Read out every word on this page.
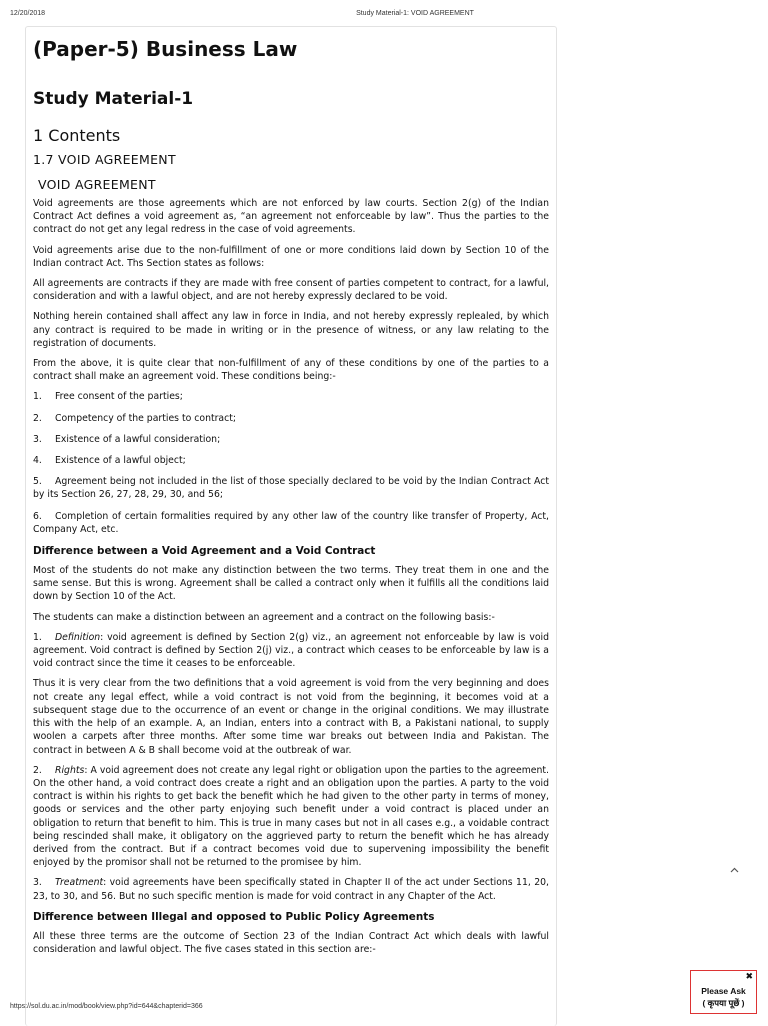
12/20/2018	Study Material-1: VOID AGREEMENT
(Paper-5) Business Law
Study Material-1
1 Contents
1.7 VOID AGREEMENT
VOID AGREEMENT

Void agreements are those agreements which are not enforced by law courts. Section 2(g) of the Indian Contract Act defines a void agreement as, “an agreement not enforceable by law”. Thus the parties to the contract do not get any legal redress in the case of void agreements.

Void agreements arise due to the non-fulfillment of one or more conditions laid down by Section 10 of the Indian contract Act. Ths Section states as follows:

All agreements are contracts if they are made with free consent of parties competent to contract, for a lawful, consideration and with a lawful object, and are not hereby expressly declared to be void.

Nothing herein contained shall affect any law in force in India, and not hereby expressly replealed, by which any contract is required to be made in writing or in the presence of witness, or any law relating to the registration of documents.

From the above, it is quite clear that non-fulfillment of any of these conditions by one of the parties to a contract shall make an agreement void. These conditions being:-

1. Free consent of the parties;

2. Competency of the parties to contract;

3. Existence of a lawful consideration;

4. Existence of a lawful object;

5. Agreement being not included in the list of those specially declared to be void by the Indian Contract Act by its Section 26, 27, 28, 29, 30, and 56;

6. Completion of certain formalities required by any other law of the country like transfer of Property, Act, Company Act, etc.

Difference between a Void Agreement and a Void Contract

Most of the students do not make any distinction between the two terms. They treat them in one and the same sense. But this is wrong. Agreement shall be called a contract only when it fulfills all the conditions laid down by Section 10 of the Act.

The students can make a distinction between an agreement and a contract on the following basis:-

1. Definition: void agreement is defined by Section 2(g) viz., an agreement not enforceable by law is void agreement. Void contract is defined by Section 2(j) viz., a contract which ceases to be enforceable by law is a void contract since the time it ceases to be enforceable.

Thus it is very clear from the two definitions that a void agreement is void from the very beginning and does not create any legal effect, while a void contract is not void from the beginning, it becomes void at a subsequent stage due to the occurrence of an event or change in the original conditions. We may illustrate this with the help of an example. A, an Indian, enters into a contract with B, a Pakistani national, to supply woolen a carpets after three months. After some time war breaks out between India and Pakistan. The contract in between A & B shall become void at the outbreak of war.

2. Rights: A void agreement does not create any legal right or obligation upon the parties to the agreement. On the other hand, a void contract does create a right and an obligation upon the parties. A party to the void contract is within his rights to get back the benefit which he had given to the other party in terms of money, goods or services and the other party enjoying such benefit under a void contract is placed under an obligation to return that benefit to him. This is true in many cases but not in all cases e.g., a voidable contract being rescinded shall make, it obligatory on the aggrieved party to return the benefit which he has already derived from the contract. But if a contract becomes void due to supervening impossibility the benefit enjoyed by the promisor shall not be returned to the promisee by him.

3. Treatment: void agreements have been specifically stated in Chapter II of the act under Sections 11, 20, 23, to 30, and 56. But no such specific mention is made for void contract in any Chapter of the Act.

Difference between Illegal and opposed to Public Policy Agreements

All these three terms are the outcome of Section 23 of the Indian Contract Act which deals with lawful consideration and lawful object. The five cases stated in this section are:-

✖
Please Ask
( कृपया पूछें )
https://sol.du.ac.in/mod/book/view.php?id=644&chapterid=366
